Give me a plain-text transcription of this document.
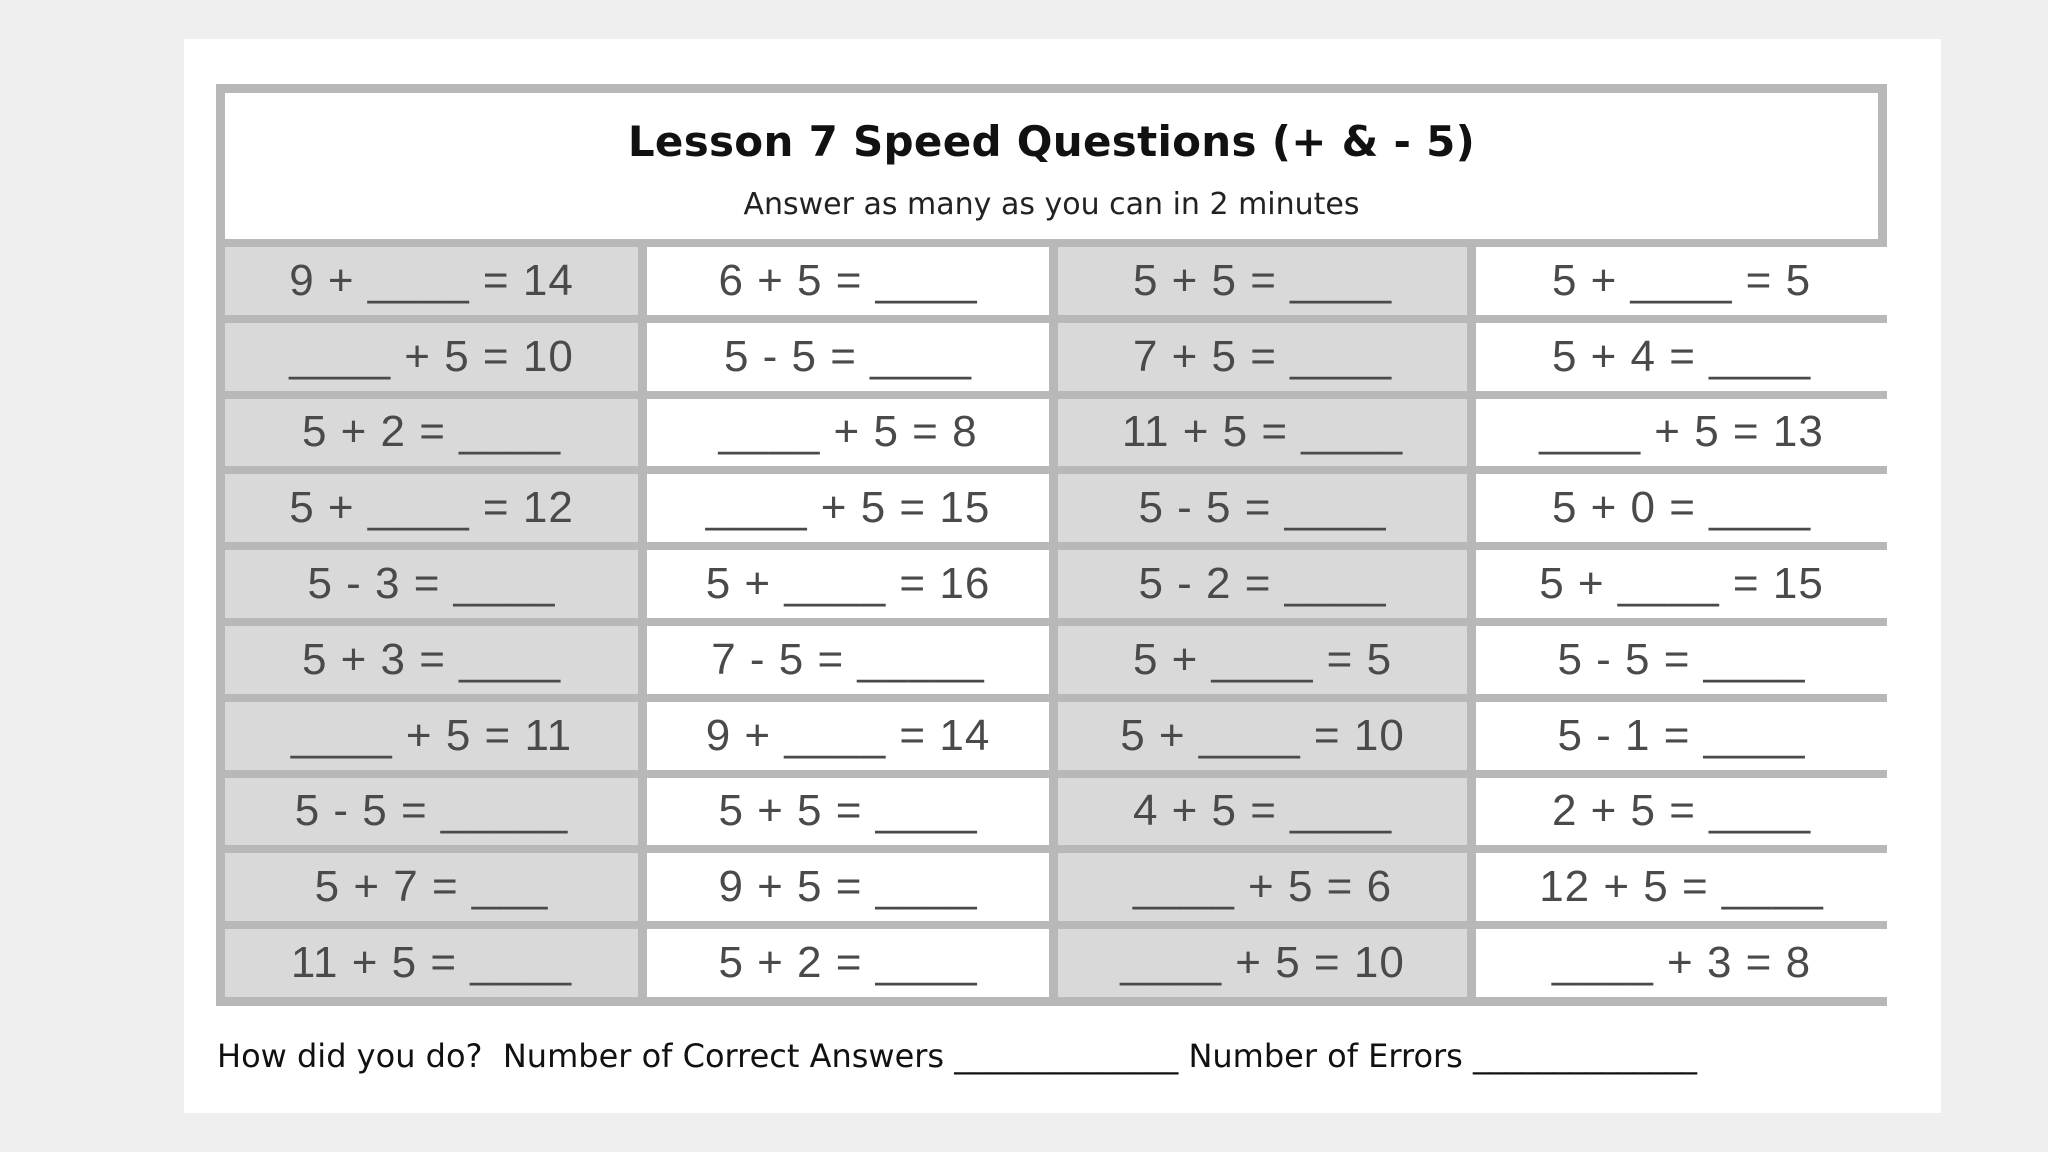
Lesson 7 Speed Questions (+ & - 5)
Answer as many as you can in 2 minutes
9 + ____ = 14	6 + 5 = ____	5 + 5 = ____	5 + ____ = 5
____ + 5 = 10	5 - 5 = ____	7 + 5 = ____	5 + 4 = ____
5 + 2 = ____	____ + 5 = 8	11 + 5 = ____	____ + 5 = 13
5 + ____ = 12	____ + 5 = 15	5 - 5 = ____	5 + 0 = ____
5 - 3 = ____	5 + ____ = 16	5 - 2 = ____	5 + ____ = 15
5 + 3 = ____	7 - 5 = _____	5 + ____ = 5	5 - 5 = ____
____ + 5 = 11	9 + ____ = 14	5 + ____ = 10	5 - 1 = ____
5 - 5 = _____	5 + 5 = ____	4 + 5 = ____	2 + 5 = ____
5 + 7 = ___	9 + 5 = ____	____ + 5 = 6	12 + 5 = ____
11 + 5 = ____	5 + 2 = ____	____ + 5 = 10	____ + 3 = 8
How did you do?  Number of Correct Answers ______________ Number of Errors ______________
